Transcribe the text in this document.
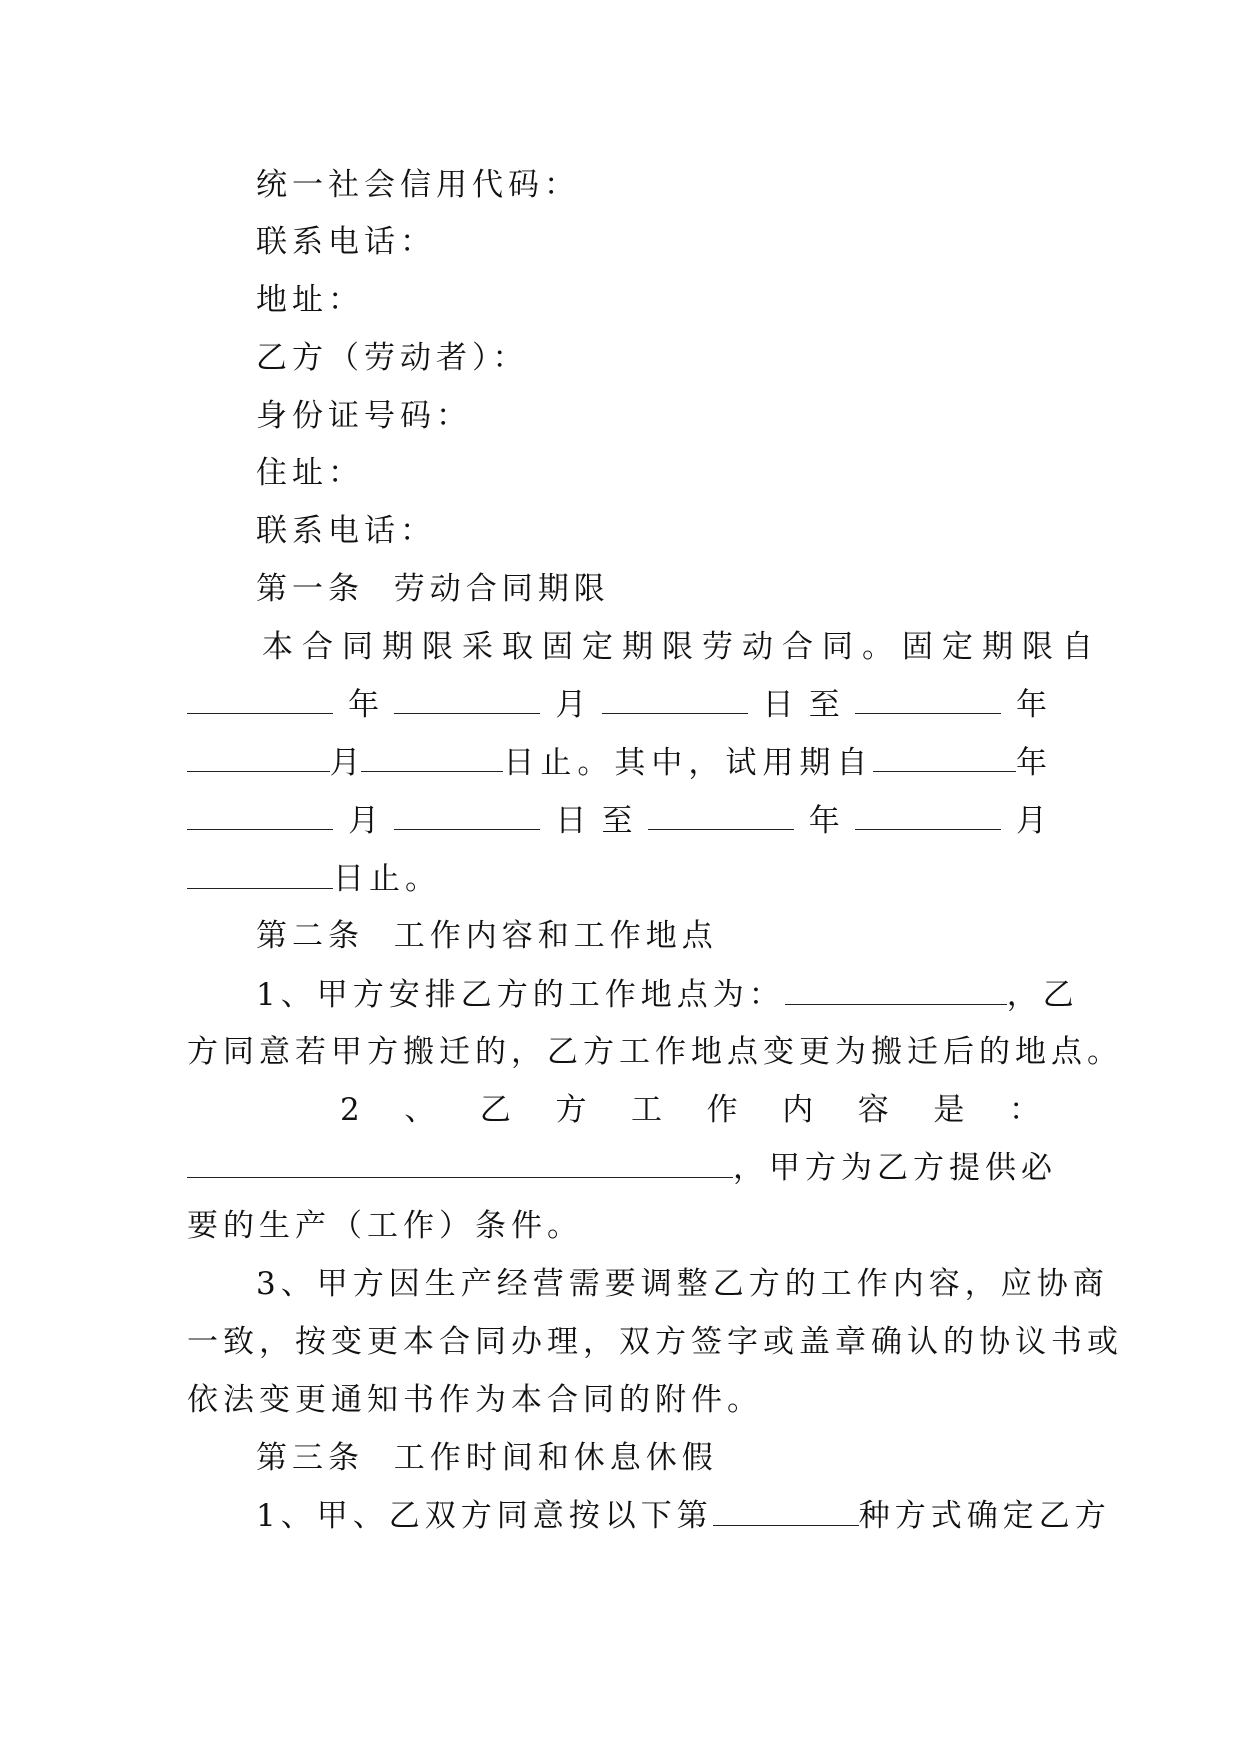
统一社会信用代码：
联系电话：
地址：
乙方（劳动者）：
身份证号码：
住址：
联系电话：
第一条  劳动合同期限
本合同期限采取固定期限劳动合同。固定期限自
年	月	日 至	年
月	日止。其中，试用期自	年
月	日 至	年	月
日止。
第二条  工作内容和工作地点
1、甲方安排乙方的工作地点为：	，乙
方同意若甲方搬迁的，乙方工作地点变更为搬迁后的地点。
2 、 乙 方 工 作 内 容 是 ：
，甲方为乙方提供必
要的生产（工作）条件。
3、甲方因生产经营需要调整乙方的工作内容，应协商
一致，按变更本合同办理，双方签字或盖章确认的协议书或
依法变更通知书作为本合同的附件。
第三条  工作时间和休息休假
1、甲、乙双方同意按以下第	种方式确定乙方
